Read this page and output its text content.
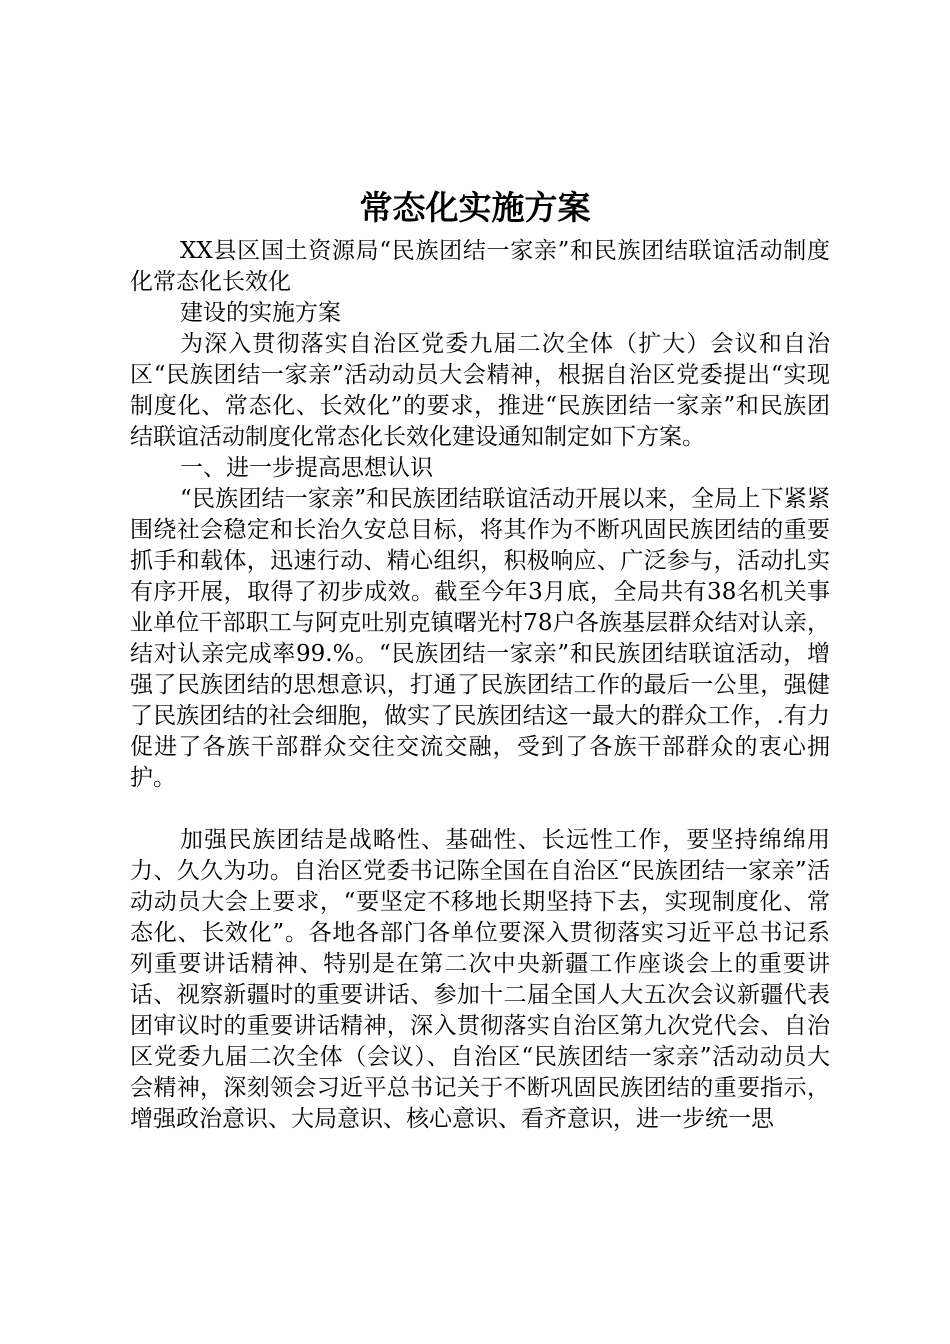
常态化实施方案

XX县区国土资源局“民族团结一家亲”和民族团结联谊活动制度化常态化长效化

建设的实施方案

为深入贯彻落实自治区党委九届二次全体（扩大）会议和自治区“民族团结一家亲”活动动员大会精神，根据自治区党委提出“实现制度化、常态化、长效化”的要求，推进“民族团结一家亲”和民族团结联谊活动制度化常态化长效化建设通知制定如下方案。

一、进一步提高思想认识

“民族团结一家亲”和民族团结联谊活动开展以来，全局上下紧紧围绕社会稳定和长治久安总目标，将其作为不断巩固民族团结的重要抓手和载体，迅速行动、精心组织，积极响应、广泛参与，活动扎实有序开展，取得了初步成效。截至今年3月底，全局共有38名机关事业单位干部职工与阿克吐别克镇曙光村78户各族基层群众结对认亲，结对认亲完成率99.%。“民族团结一家亲”和民族团结联谊活动，增强了民族团结的思想意识，打通了民族团结工作的最后一公里，强健了民族团结的社会细胞，做实了民族团结这一最大的群众工作，.有力促进了各族干部群众交往交流交融，受到了各族干部群众的衷心拥护。

加强民族团结是战略性、基础性、长远性工作，要坚持绵绵用力、久久为功。自治区党委书记陈全国在自治区“民族团结一家亲”活动动员大会上要求，“要坚定不移地长期坚持下去，实现制度化、常态化、长效化”。各地各部门各单位要深入贯彻落实习近平总书记系列重要讲话精神、特别是在第二次中央新疆工作座谈会上的重要讲话、视察新疆时的重要讲话、参加十二届全国人大五次会议新疆代表团审议时的重要讲话精神，深入贯彻落实自治区第九次党代会、自治区党委九届二次全体（会议）、自治区“民族团结一家亲”活动动员大会精神，深刻领会习近平总书记关于不断巩固民族团结的重要指示，增强政治意识、大局意识、核心意识、看齐意识，进一步统一思
